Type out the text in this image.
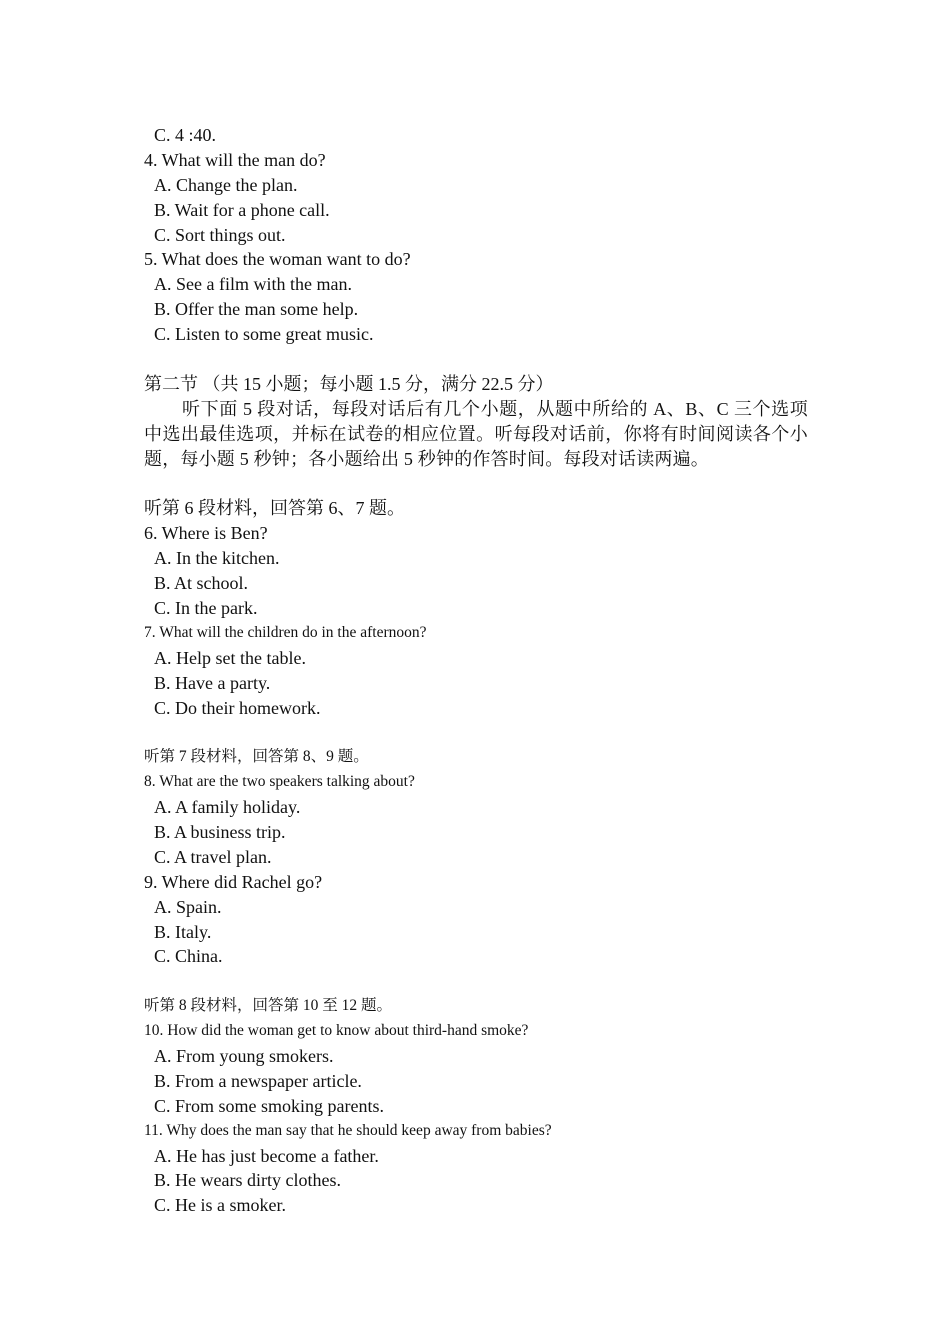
C. 4 :40.
4. What will the man do?
A. Change the plan.
B. Wait for a phone call.
C. Sort things out.
5. What does the woman want to do?
A. See a film with the man.
B. Offer the man some help.
C. Listen to some great music.
第二节 （共 15 小题；每小题 1.5 分，满分 22.5 分）
听下面 5 段对话，每段对话后有几个小题，从题中所给的 A、B、C 三个选项中选出最佳选项，并标在试卷的相应位置。听每段对话前，你将有时间阅读各个小题，每小题 5 秒钟；各小题给出 5 秒钟的作答时间。每段对话读两遍。
听第 6 段材料，回答第 6、7 题。
6. Where is Ben?
A. In the kitchen.
B. At school.
C. In the park.
7. What will the children do in the afternoon?
A. Help set the table.
B. Have a party.
C. Do their homework.
听第 7 段材料，回答第 8、9 题。
8. What are the two speakers talking about?
A. A family holiday.
B. A business trip.
C. A travel plan.
9. Where did Rachel go?
A. Spain.
B. Italy.
C. China.
听第 8 段材料，回答第 10 至 12 题。
10. How did the woman get to know about third-hand smoke?
A. From young smokers.
B. From a newspaper article.
C. From some smoking parents.
11. Why does the man say that he should keep away from babies?
A. He has just become a father.
B. He wears dirty clothes.
C. He is a smoker.
